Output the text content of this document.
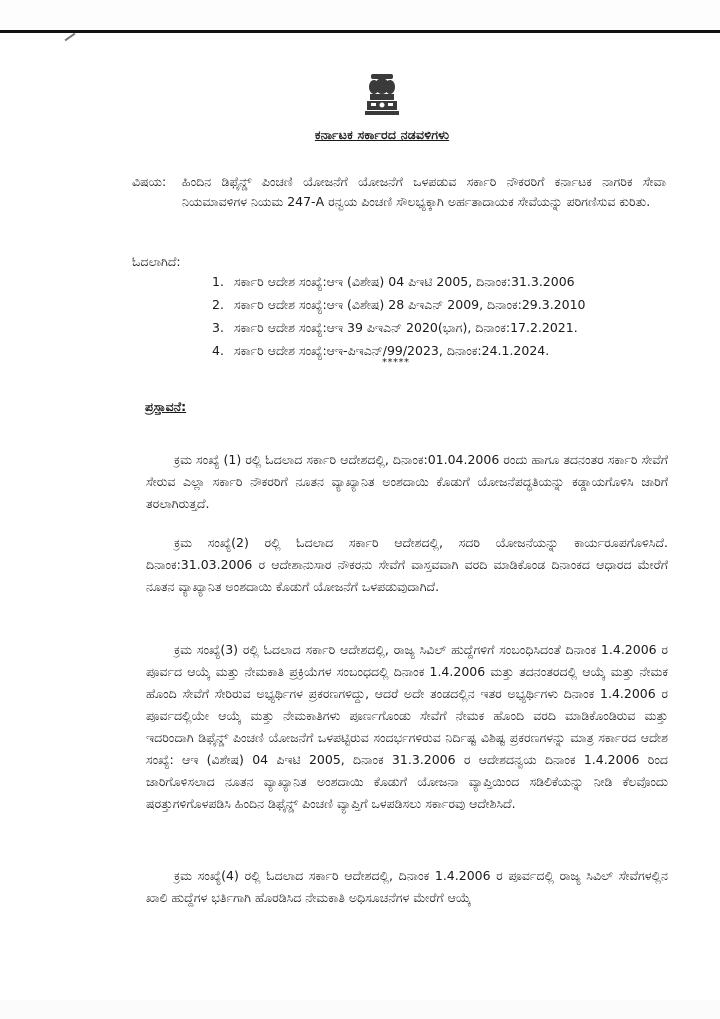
ಕರ್ನಾಟಕ ಸರ್ಕಾರದ ನಡವಳಿಗಳು
ವಿಷಯ: ಹಿಂದಿನ ಡಿಫೈನ್ಡ್ ಪಿಂಚಣಿ ಯೋಜನೆಗೆ ಯೋಜನೆಗೆ ಒಳಪಡುವ ಸರ್ಕಾರಿ ನೌಕರರಿಗೆ ಕರ್ನಾಟಕ ನಾಗರಿಕ ಸೇವಾ ನಿಯಮಾವಳಿಗಳ ನಿಯಮ 247-A ರನ್ವಯ ಪಿಂಚಣಿ ಸೌಲಭ್ಯಕ್ಕಾಗಿ ಅರ್ಹತಾದಾಯಕ ಸೇವೆಯನ್ನು ಪರಿಗಣಿಸುವ ಕುರಿತು.
ಓದಲಾಗಿದೆ:
1. ಸರ್ಕಾರಿ ಆದೇಶ ಸಂಖ್ಯೆ:ಆಇ (ವಿಶೇಷ) 04 ಪಿಇಟಿ 2005, ದಿನಾಂಕ:31.3.2006
2. ಸರ್ಕಾರಿ ಆದೇಶ ಸಂಖ್ಯೆ:ಆಇ (ವಿಶೇಷ) 28 ಪಿಇಎನ್ 2009, ದಿನಾಂಕ:29.3.2010
3. ಸರ್ಕಾರಿ ಆದೇಶ ಸಂಖ್ಯೆ:ಆಇ 39 ಪಿಇಎನ್ 2020(ಭಾಗ), ದಿನಾಂಕ:17.2.2021.
4. ಸರ್ಕಾರಿ ಆದೇಶ ಸಂಖ್ಯೆ:ಆಇ-ಪಿಇಎನ್/99/2023, ದಿನಾಂಕ:24.1.2024.
*****
ಪ್ರಸ್ತಾವನೆ:

ಕ್ರಮ ಸಂಖ್ಯೆ (1) ರಲ್ಲಿ ಓದಲಾದ ಸರ್ಕಾರಿ ಆದೇಶದಲ್ಲಿ, ದಿನಾಂಕ:01.04.2006 ರಂದು ಹಾಗೂ ತದನಂತರ ಸರ್ಕಾರಿ ಸೇವೆಗೆ ಸೇರುವ ಎಲ್ಲಾ ಸರ್ಕಾರಿ ನೌಕರರಿಗೆ ನೂತನ ವ್ಯಾಖ್ಯಾನಿತ ಅಂಶದಾಯಿ ಕೊಡುಗೆ ಯೋಜನೆಪದ್ಧತಿಯನ್ನು ಕಡ್ಡಾಯಗೊಳಿಸಿ ಜಾರಿಗೆ ತರಲಾಗಿರುತ್ತದೆ.

ಕ್ರಮ ಸಂಖ್ಯೆ(2) ರಲ್ಲಿ ಓದಲಾದ ಸರ್ಕಾರಿ ಆದೇಶದಲ್ಲಿ, ಸದರಿ ಯೋಜನೆಯನ್ನು ಕಾರ್ಯರೂಪಗೊಳಿಸಿದೆ. ದಿನಾಂಕ:31.03.2006 ರ ಆದೇಶಾನುಸಾರ ನೌಕರನು ಸೇವೆಗೆ ವಾಸ್ತವವಾಗಿ ವರದಿ ಮಾಡಿಕೊಂಡ ದಿನಾಂಕದ ಆಧಾರದ ಮೇರೆಗೆ ನೂತನ ವ್ಯಾಖ್ಯಾನಿತ ಅಂಶದಾಯಿ ಕೊಡುಗೆ ಯೋಜನೆಗೆ ಒಳಪಡುವುದಾಗಿದೆ.

ಕ್ರಮ ಸಂಖ್ಯೆ(3) ರಲ್ಲಿ ಓದಲಾದ ಸರ್ಕಾರಿ ಆದೇಶದಲ್ಲಿ, ರಾಜ್ಯ ಸಿವಿಲ್ ಹುದ್ದೆಗಳಿಗೆ ಸಂಬಂಧಿಸಿದಂತೆ ದಿನಾಂಕ 1.4.2006 ರ ಪೂರ್ವದ ಆಯ್ಕೆ ಮತ್ತು ನೇಮಕಾತಿ ಪ್ರಕ್ರಿಯೆಗಳ ಸಂಬಂಧದಲ್ಲಿ ದಿನಾಂಕ 1.4.2006 ಮತ್ತು ತದನಂತರದಲ್ಲಿ ಆಯ್ಕೆ ಮತ್ತು ನೇಮಕ ಹೊಂದಿ ಸೇವೆಗೆ ಸೇರಿರುವ ಅಭ್ಯರ್ಥಿಗಳ ಪ್ರಕರಣಗಳಿದ್ದು, ಆದರೆ ಅದೇ ತಂಡದಲ್ಲಿನ ಇತರ ಅಭ್ಯರ್ಥಿಗಳು ದಿನಾಂಕ 1.4.2006 ರ ಪೂರ್ವದಲ್ಲಿಯೇ ಆಯ್ಕೆ ಮತ್ತು ನೇಮಕಾತಿಗಳು ಪೂರ್ಣಗೊಂಡು ಸೇವೆಗೆ ನೇಮಕ ಹೊಂದಿ ವರದಿ ಮಾಡಿಕೊಂಡಿರುವ ಮತ್ತು ಇದರಿಂದಾಗಿ ಡಿಫೈನ್ಡ್ ಪಿಂಚಣಿ ಯೋಜನೆಗೆ ಒಳಪಟ್ಟಿರುವ ಸಂದರ್ಭಗಳಿರುವ ನಿರ್ದಿಷ್ಟ ವಿಶಿಷ್ಟ ಪ್ರಕರಣಗಳನ್ನು ಮಾತ್ರ ಸರ್ಕಾರದ ಆದೇಶ ಸಂಖ್ಯೆ: ಆಇ (ವಿಶೇಷ) 04 ಪಿಇಟಿ 2005, ದಿನಾಂಕ 31.3.2006 ರ ಆದೇಶದನ್ವಯ ದಿನಾಂಕ 1.4.2006 ರಿಂದ ಜಾರಿಗೊಳಿಸಲಾದ ನೂತನ ವ್ಯಾಖ್ಯಾನಿತ ಅಂಶದಾಯಿ ಕೊಡುಗೆ ಯೋಜನಾ ವ್ಯಾಪ್ತಿಯಿಂದ ಸಡಿಲಿಕೆಯನ್ನು ನೀಡಿ ಕೆಲವೊಂದು ಷರತ್ತುಗಳಿಗೊಳಪಡಿಸಿ ಹಿಂದಿನ ಡಿಫೈನ್ಡ್ ಪಿಂಚಣಿ ವ್ಯಾಪ್ತಿಗೆ ಒಳಪಡಿಸಲು ಸರ್ಕಾರವು ಆದೇಶಿಸಿದೆ.

ಕ್ರಮ ಸಂಖ್ಯೆ(4) ರಲ್ಲಿ ಓದಲಾದ ಸರ್ಕಾರಿ ಆದೇಶದಲ್ಲಿ, ದಿನಾಂಕ 1.4.2006 ರ ಪೂರ್ವದಲ್ಲಿ ರಾಜ್ಯ ಸಿವಿಲ್ ಸೇವೆಗಳಲ್ಲಿನ ಖಾಲಿ ಹುದ್ದೆಗಳ ಭರ್ತಿಗಾಗಿ ಹೊರಡಿಸಿದ ನೇಮಕಾತಿ ಅಧಿಸೂಚನೆಗಳ ಮೇರೆಗೆ ಆಯ್ಕೆ
